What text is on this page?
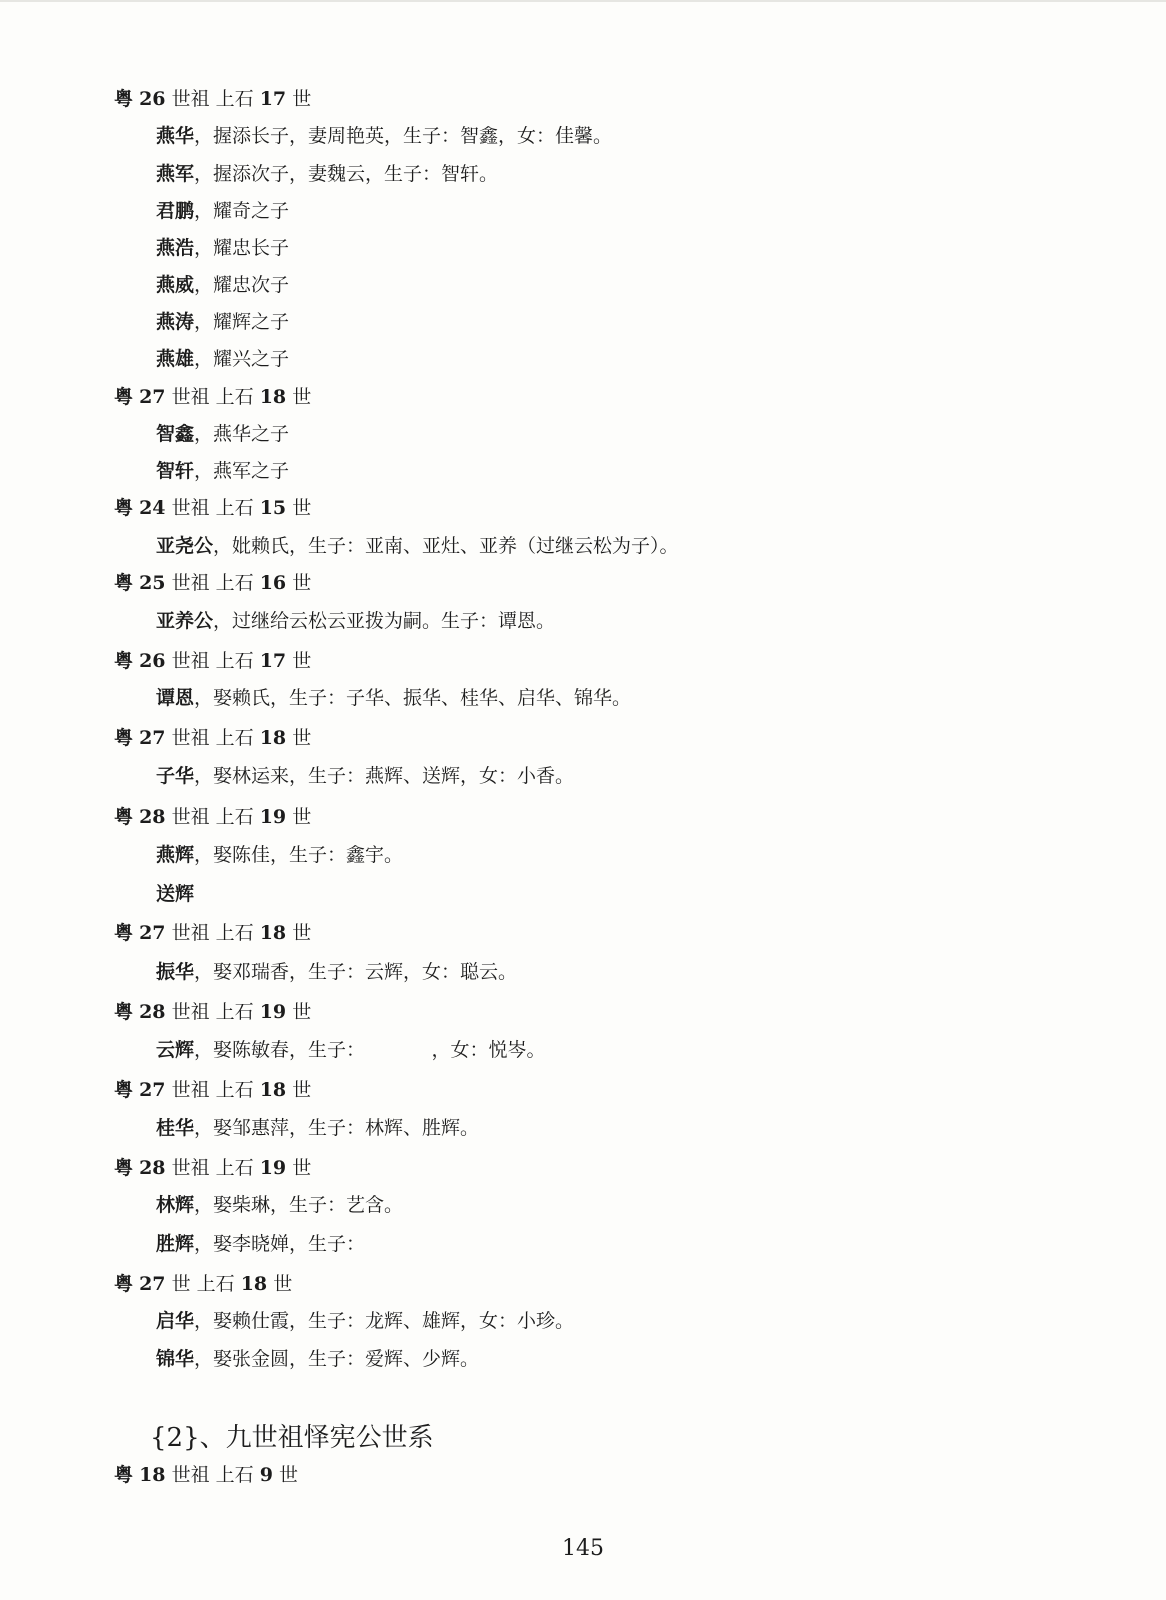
粤 26 世祖 上石 17 世
燕华，握添长子，妻周艳英，生子：智鑫，女：佳馨。
燕军，握添次子，妻魏云，生子：智轩。
君鹏，耀奇之子
燕浩，耀忠长子
燕威，耀忠次子
燕涛，耀辉之子
燕雄，耀兴之子
粤 27 世祖 上石 18 世
智鑫，燕华之子
智轩，燕军之子
粤 24 世祖 上石 15 世
亚尧公，妣赖氏，生子：亚南、亚灶、亚养（过继云松为子）。
粤 25 世祖 上石 16 世
亚养公，过继给云松云亚拨为嗣。生子：谭恩。
粤 26 世祖 上石 17 世
谭恩，娶赖氏，生子：子华、振华、桂华、启华、锦华。
粤 27 世祖 上石 18 世
子华，娶林运来，生子：燕辉、送辉，女：小香。
粤 28 世祖 上石 19 世
燕辉，娶陈佳，生子：鑫宇。
送辉
粤 27 世祖 上石 18 世
振华，娶邓瑞香，生子：云辉，女：聪云。
粤 28 世祖 上石 19 世
云辉，娶陈敏春，生子：　　　　，女：悦岑。
粤 27 世祖 上石 18 世
桂华，娶邹惠萍，生子：林辉、胜辉。
粤 28 世祖 上石 19 世
林辉，娶柴琳，生子：艺含。
胜辉，娶李晓婵，生子：
粤 27 世 上石 18 世
启华，娶赖仕霞，生子：龙辉、雄辉，女：小珍。
锦华，娶张金圆，生子：爱辉、少辉。
{2}、九世祖怿宪公世系
粤 18 世祖 上石 9 世
145
